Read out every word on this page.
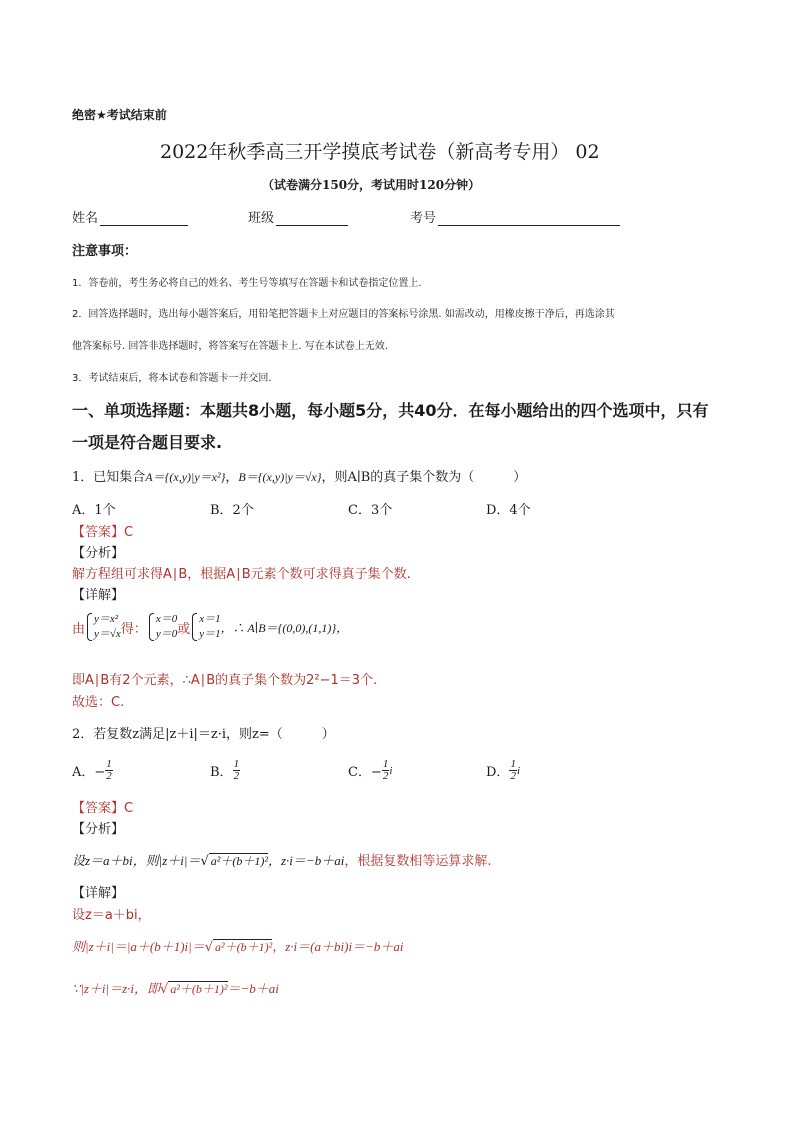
绝密★考试结束前
2022年秋季高三开学摸底考试卷（新高考专用） 02
（试卷满分150分，考试用时120分钟）
姓名	班级	考号
注意事项：
1．答卷前，考生务必将自己的姓名、考生号等填写在答题卡和试卷指定位置上.
2．回答选择题时，选出每小题答案后，用铅笔把答题卡上对应题目的答案标号涂黑. 如需改动，用橡皮擦干净后，再选涂其
他答案标号. 回答非选择题时，将答案写在答题卡上. 写在本试卷上无效.
3．考试结束后，将本试卷和答题卡一并交回.
一、单项选择题：本题共8小题，每小题5分，共40分．在每小题给出的四个选项中，只有
一项是符合题目要求.
1．已知集合A＝{(x,y)|y＝x²}，B＝{(x,y)|y＝√x}，则A∣B的真子集个数为（　　　）
A．1个	B．2个	C．3个	D．4个
【答案】C
【分析】
解方程组可求得A∣B，根据A∣B元素个数可求得真子集个数.
【详解】
由
y＝x²
y＝√x 得：
x＝0
y＝0 或
x＝1
y＝1 ，∴ A∣B＝{(0,0),(1,1)}，
即A∣B有2个元素，∴A∣B的真子集个数为2²−1＝3个.
故选：C.
2．若复数z满足|z＋i|＝z·i，则z=（　　　）
A．− $\frac{1}{2}$	B． $\frac{1}{2}$	C．− $\frac{1}{2}$ i	D． $\frac{1}{2}$ i
【答案】C
【分析】
设z＝a＋bi，则|z＋i|＝√ a²＋(b＋1)²，z·i＝−b＋ai，根据复数相等运算求解.
【详解】
设z＝a＋bi，
则|z＋i|＝|a＋(b＋1)i|＝√ a²＋(b＋1)²，z·i＝(a＋bi)i＝−b＋ai
∵|z＋i|＝z·i，即√ a²＋(b＋1)²＝−b＋ai
